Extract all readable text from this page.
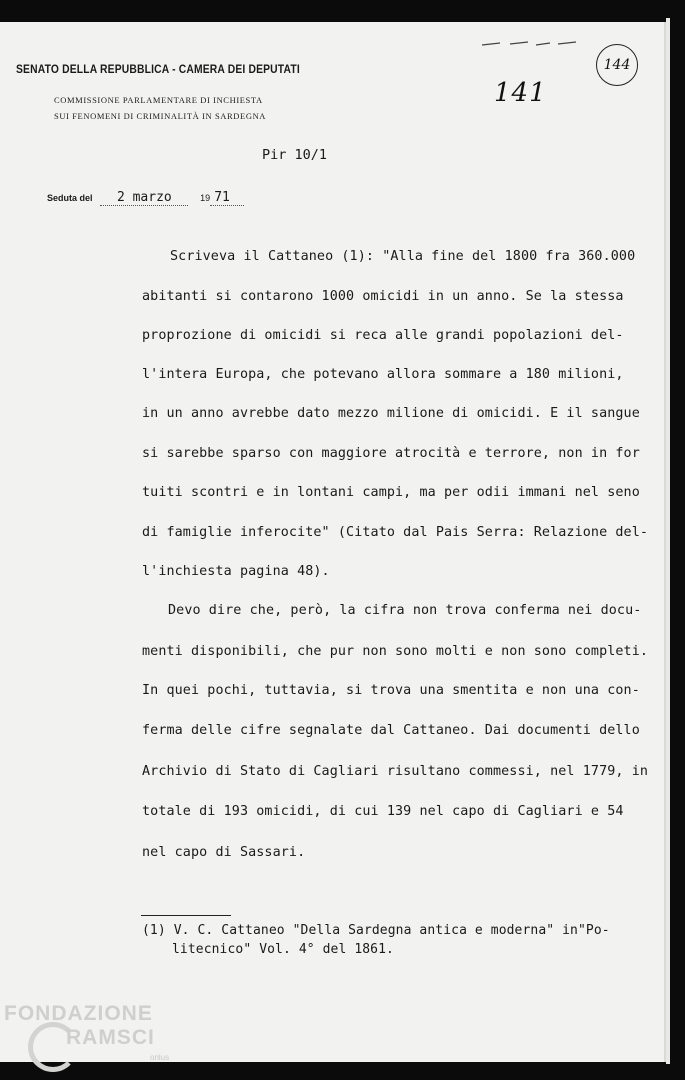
SENATO DELLA REPUBBLICA - CAMERA DEI DEPUTATI
COMMISSIONE PARLAMENTARE DI INCHIESTA
SUI FENOMENI DI CRIMINALITÀ IN SARDEGNA
141
144
Pir 10/1
Seduta del 2 marzo	19 71
Scriveva il Cattaneo (1): "Alla fine del 1800 fra 360.000
abitanti si contarono 1000 omicidi in un anno. Se la stessa
proprozione di omicidi si reca alle grandi popolazioni del-
l'intera Europa, che potevano allora sommare a 180 milioni,
in un anno avrebbe dato mezzo milione di omicidi. E il sangue
si sarebbe sparso con maggiore atrocità e terrore, non in for
tuiti scontri e in lontani campi, ma per odii immani nel seno
di famiglie inferocite" (Citato dal Pais Serra: Relazione del-
l'inchiesta pagina 48).
Devo dire che, però, la cifra non trova conferma nei docu-
menti disponibili, che pur non sono molti e non sono completi.
In quei pochi, tuttavia, si trova una smentita e non una con-
ferma delle cifre segnalate dal Cattaneo. Dai documenti dello
Archivio di Stato di Cagliari risultano commessi, nel 1779, in
totale di 193 omicidi, di cui 139 nel capo di Cagliari e 54
nel capo di Sassari.
(1) V. C. Cattaneo "Della Sardegna antica e moderna" in"Po-
litecnico" Vol. 4° del 1861.
FONDAZIONE
RAMSCI
onlus
